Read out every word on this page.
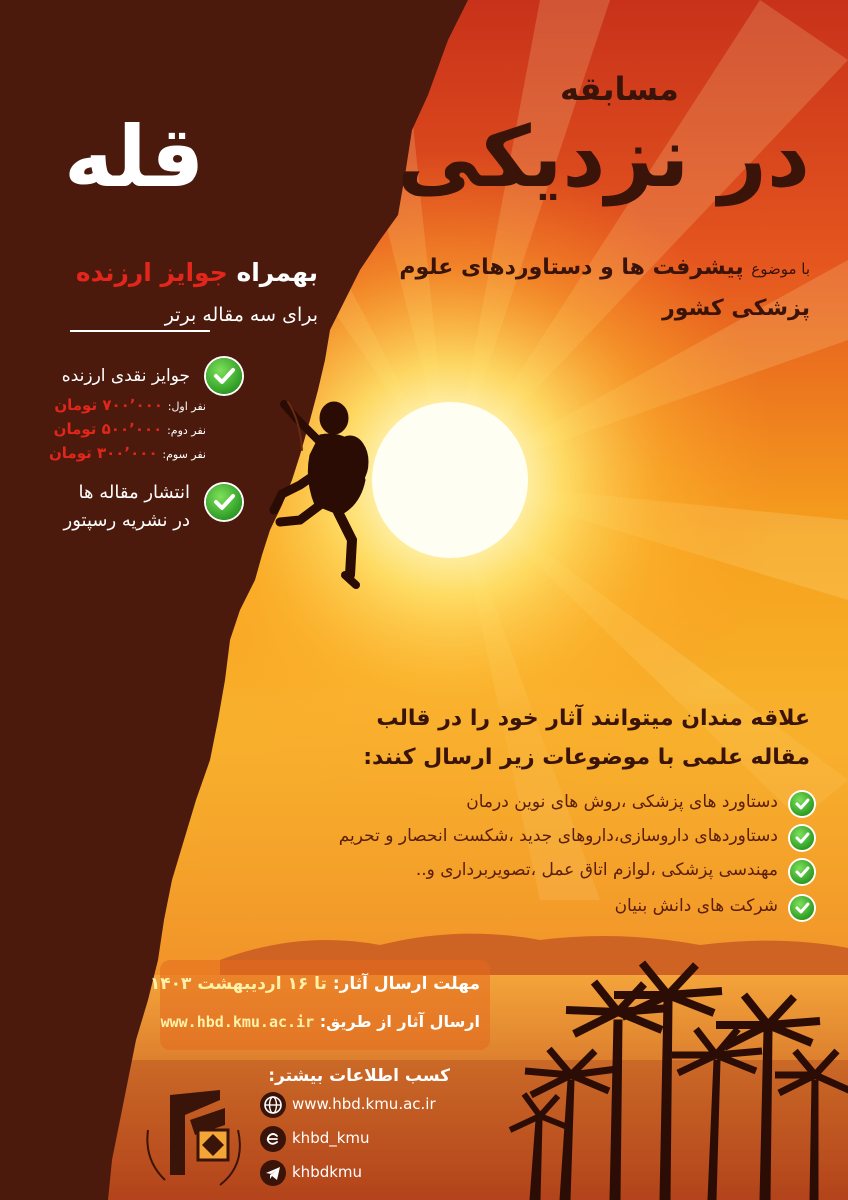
مسابقه
در نزدیکی
قله
با موضوع پیشرفت ها و دستاوردهای علوم
پزشکی کشور
بهمراه جوایز ارزنده
برای سه مقاله برتر
جوایز نقدی ارزنده
نفر اول: ۷۰۰٬۰۰۰ تومان
نفر دوم: ۵۰۰٬۰۰۰ تومان
نفر سوم: ۳۰۰٬۰۰۰ تومان
انتشار مقاله ها
در نشریه رسپتور
علاقه مندان میتوانند آثار خود را در قالب
مقاله علمی با موضوعات زیر ارسال کنند:
دستاورد های پزشکی ،روش های نوین درمان
دستاوردهای داروسازی،داروهای جدید ،شکست انحصار و تحریم
مهندسی پزشکی ،لوازم اتاق عمل ،تصویربرداری و..
شرکت های دانش بنیان
مهلت ارسال آثار: تا ۱۶ اردیبهشت ۱۴۰۳
ارسال آثار از طریق: www.hbd.kmu.ac.ir
کسب اطلاعات بیشتر:
www.hbd.kmu.ac.ir
khbd_kmu
khbdkmu
